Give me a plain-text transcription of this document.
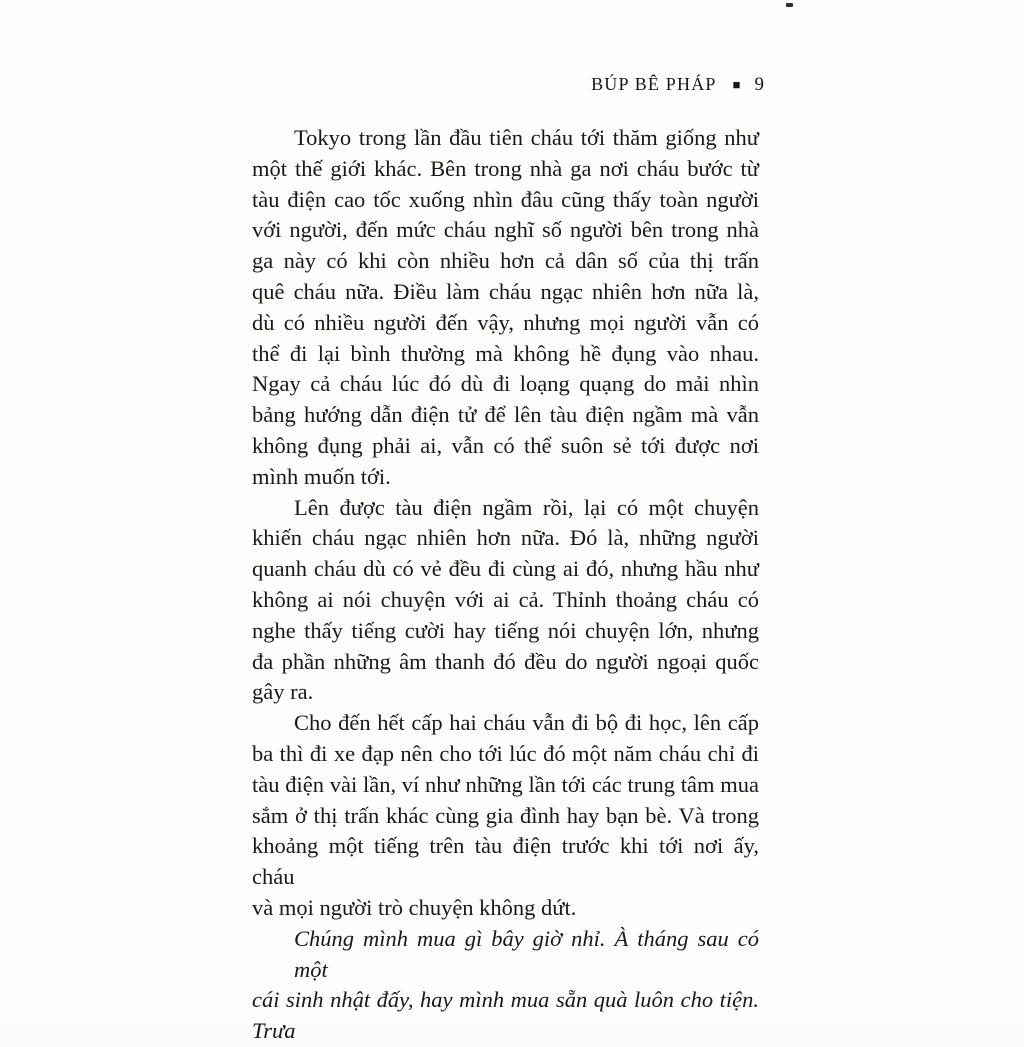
BÚP BÊ PHÁP ■ 9
Tokyo trong lần đầu tiên cháu tới thăm giống như
một thế giới khác. Bên trong nhà ga nơi cháu bước từ
tàu điện cao tốc xuống nhìn đâu cũng thấy toàn người
với người, đến mức cháu nghĩ số người bên trong nhà
ga này có khi còn nhiều hơn cả dân số của thị trấn
quê cháu nữa. Điều làm cháu ngạc nhiên hơn nữa là,
dù có nhiều người đến vậy, nhưng mọi người vẫn có
thể đi lại bình thường mà không hề đụng vào nhau.
Ngay cả cháu lúc đó dù đi loạng quạng do mải nhìn
bảng hướng dẫn điện tử để lên tàu điện ngầm mà vẫn
không đụng phải ai, vẫn có thể suôn sẻ tới được nơi
mình muốn tới.
Lên được tàu điện ngầm rồi, lại có một chuyện
khiến cháu ngạc nhiên hơn nữa. Đó là, những người
quanh cháu dù có vẻ đều đi cùng ai đó, nhưng hầu như
không ai nói chuyện với ai cả. Thỉnh thoảng cháu có
nghe thấy tiếng cười hay tiếng nói chuyện lớn, nhưng
đa phần những âm thanh đó đều do người ngoại quốc
gây ra.
Cho đến hết cấp hai cháu vẫn đi bộ đi học, lên cấp
ba thì đi xe đạp nên cho tới lúc đó một năm cháu chỉ đi
tàu điện vài lần, ví như những lần tới các trung tâm mua
sắm ở thị trấn khác cùng gia đình hay bạn bè. Và trong
khoảng một tiếng trên tàu điện trước khi tới nơi ấy, cháu
và mọi người trò chuyện không dứt.
Chúng mình mua gì bây giờ nhỉ. À tháng sau có một
cái sinh nhật đấy, hay mình mua sẵn quà luôn cho tiện. Trưa
